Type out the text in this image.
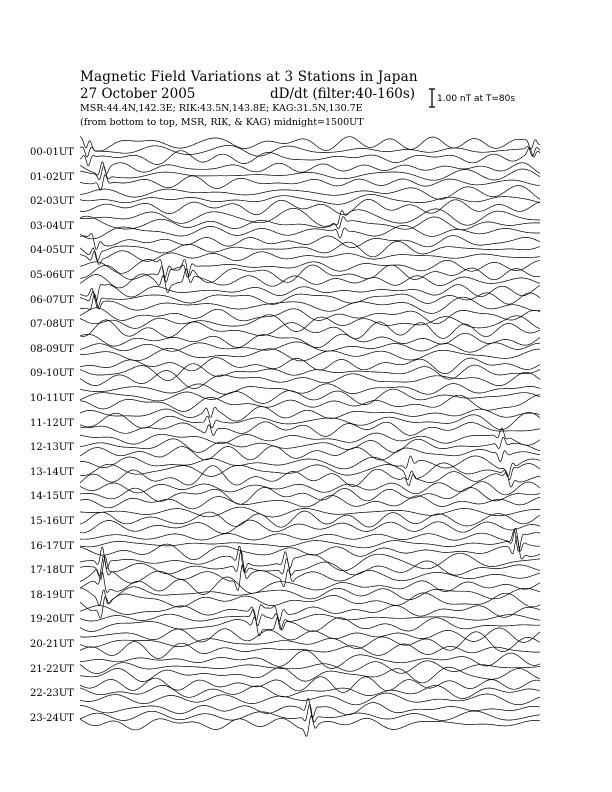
Magnetic Field Variations at 3 Stations in Japan
27 October 2005	dD/dt (filter:40-160s)
MSR:44.4N,142.3E; RIK:43.5N,143.8E; KAG:31.5N,130.7E
(from bottom to top, MSR, RIK, & KAG) midnight=1500UT
1.00 nT at T=80s
00-01UT
01-02UT
02-03UT
03-04UT
04-05UT
05-06UT
06-07UT
07-08UT
08-09UT
09-10UT
10-11UT
11-12UT
12-13UT
13-14UT
14-15UT
15-16UT
16-17UT
17-18UT
18-19UT
19-20UT
20-21UT
21-22UT
22-23UT
23-24UT
